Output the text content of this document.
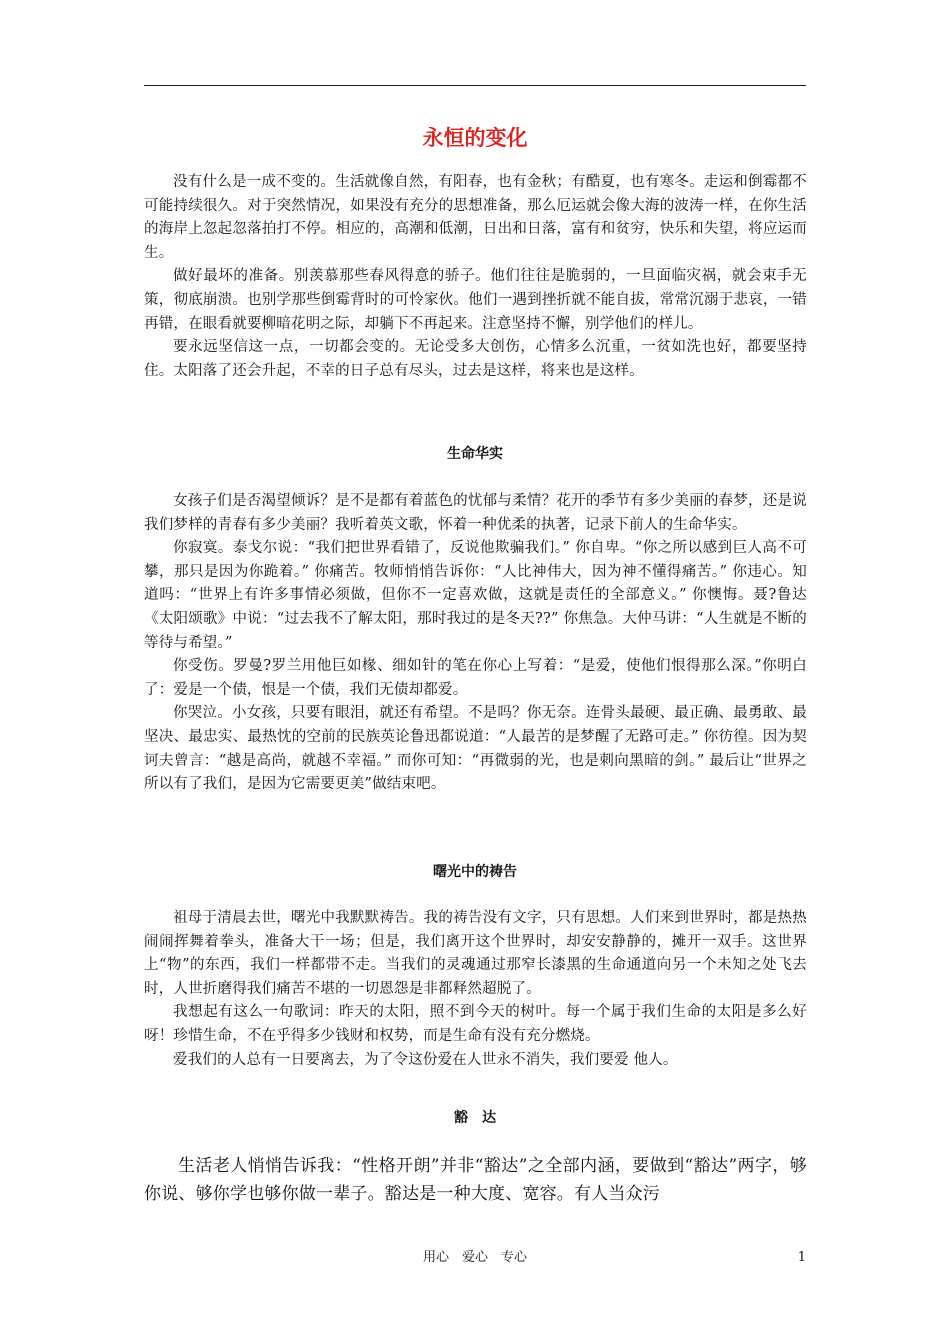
永恒的变化

没有什么是一成不变的。生活就像自然，有阳春，也有金秋；有酷夏，也有寒冬。走运和倒霉都不可能持续很久。对于突然情况，如果没有充分的思想准备，那么厄运就会像大海的波涛一样，在你生活的海岸上忽起忽落拍打不停。相应的，高潮和低潮，日出和日落，富有和贫穷，快乐和失望，将应运而生。

做好最坏的准备。别羡慕那些春风得意的骄子。他们往往是脆弱的，一旦面临灾祸，就会束手无策，彻底崩溃。也别学那些倒霉背时的可怜家伙。他们一遇到挫折就不能自拔，常常沉溺于悲哀，一错再错，在眼看就要柳暗花明之际，却躺下不再起来。注意坚持不懈，别学他们的样儿。

要永远坚信这一点，一切都会变的。无论受多大创伤，心情多么沉重，一贫如洗也好，都要坚持住。太阳落了还会升起，不幸的日子总有尽头，过去是这样，将来也是这样。

生命华实

女孩子们是否渴望倾诉？是不是都有着蓝色的忧郁与柔情？花开的季节有多少美丽的春梦，还是说我们梦样的青春有多少美丽？我听着英文歌，怀着一种优柔的执著，记录下前人的生命华实。

你寂寞。泰戈尔说：“我们把世界看错了，反说他欺骗我们。” 你自卑。“你之所以感到巨人高不可攀，那只是因为你跪着。” 你痛苦。牧师悄悄告诉你：“人比神伟大，因为神不懂得痛苦。” 你违心。知道吗：“世界上有许多事情必须做，但你不一定喜欢做，这就是责任的全部意义。” 你懊悔。聂?鲁达《太阳颂歌》中说：“过去我不了解太阳，那时我过的是冬天??” 你焦急。大仲马讲：“人生就是不断的等待与希望。”

你受伤。罗曼?罗兰用他巨如椽、细如针的笔在你心上写着：“是爱，使他们恨得那么深。”你明白了：爱是一个债，恨是一个债，我们无债却都爱。

你哭泣。小女孩，只要有眼泪，就还有希望。不是吗？你无奈。连骨头最硬、最正确、最勇敢、最坚决、最忠实、最热忱的空前的民族英论鲁迅都说道：“人最苦的是梦醒了无路可走。” 你彷徨。因为契诃夫曾言：“越是高尚，就越不幸福。” 而你可知：“再微弱的光，也是刺向黑暗的剑。” 最后让“世界之所以有了我们，是因为它需要更美”做结束吧。

曙光中的祷告

祖母于清晨去世，曙光中我默默祷告。我的祷告没有文字，只有思想。人们来到世界时，都是热热闹闹挥舞着拳头，准备大干一场；但是，我们离开这个世界时，却安安静静的，摊开一双手。这世界上“物”的东西，我们一样都带不走。当我们的灵魂通过那窄长漆黑的生命通道向另一个未知之处飞去时，人世折磨得我们痛苦不堪的一切恩怨是非都释然超脱了。

我想起有这么一句歌词：昨天的太阳，照不到今天的树叶。每一个属于我们生命的太阳是多么好呀！珍惜生命，不在乎得多少钱财和权势，而是生命有没有充分燃烧。

爱我们的人总有一日要离去，为了令这份爱在人世永不消失，我们要爱 他人。

豁　达

生活老人悄悄告诉我：“性格开朗”并非“豁达”之全部内涵，要做到“豁达”两字，够你说、够你学也够你做一辈子。豁达是一种大度、宽容。有人当众污

用心　爱心　专心	1
